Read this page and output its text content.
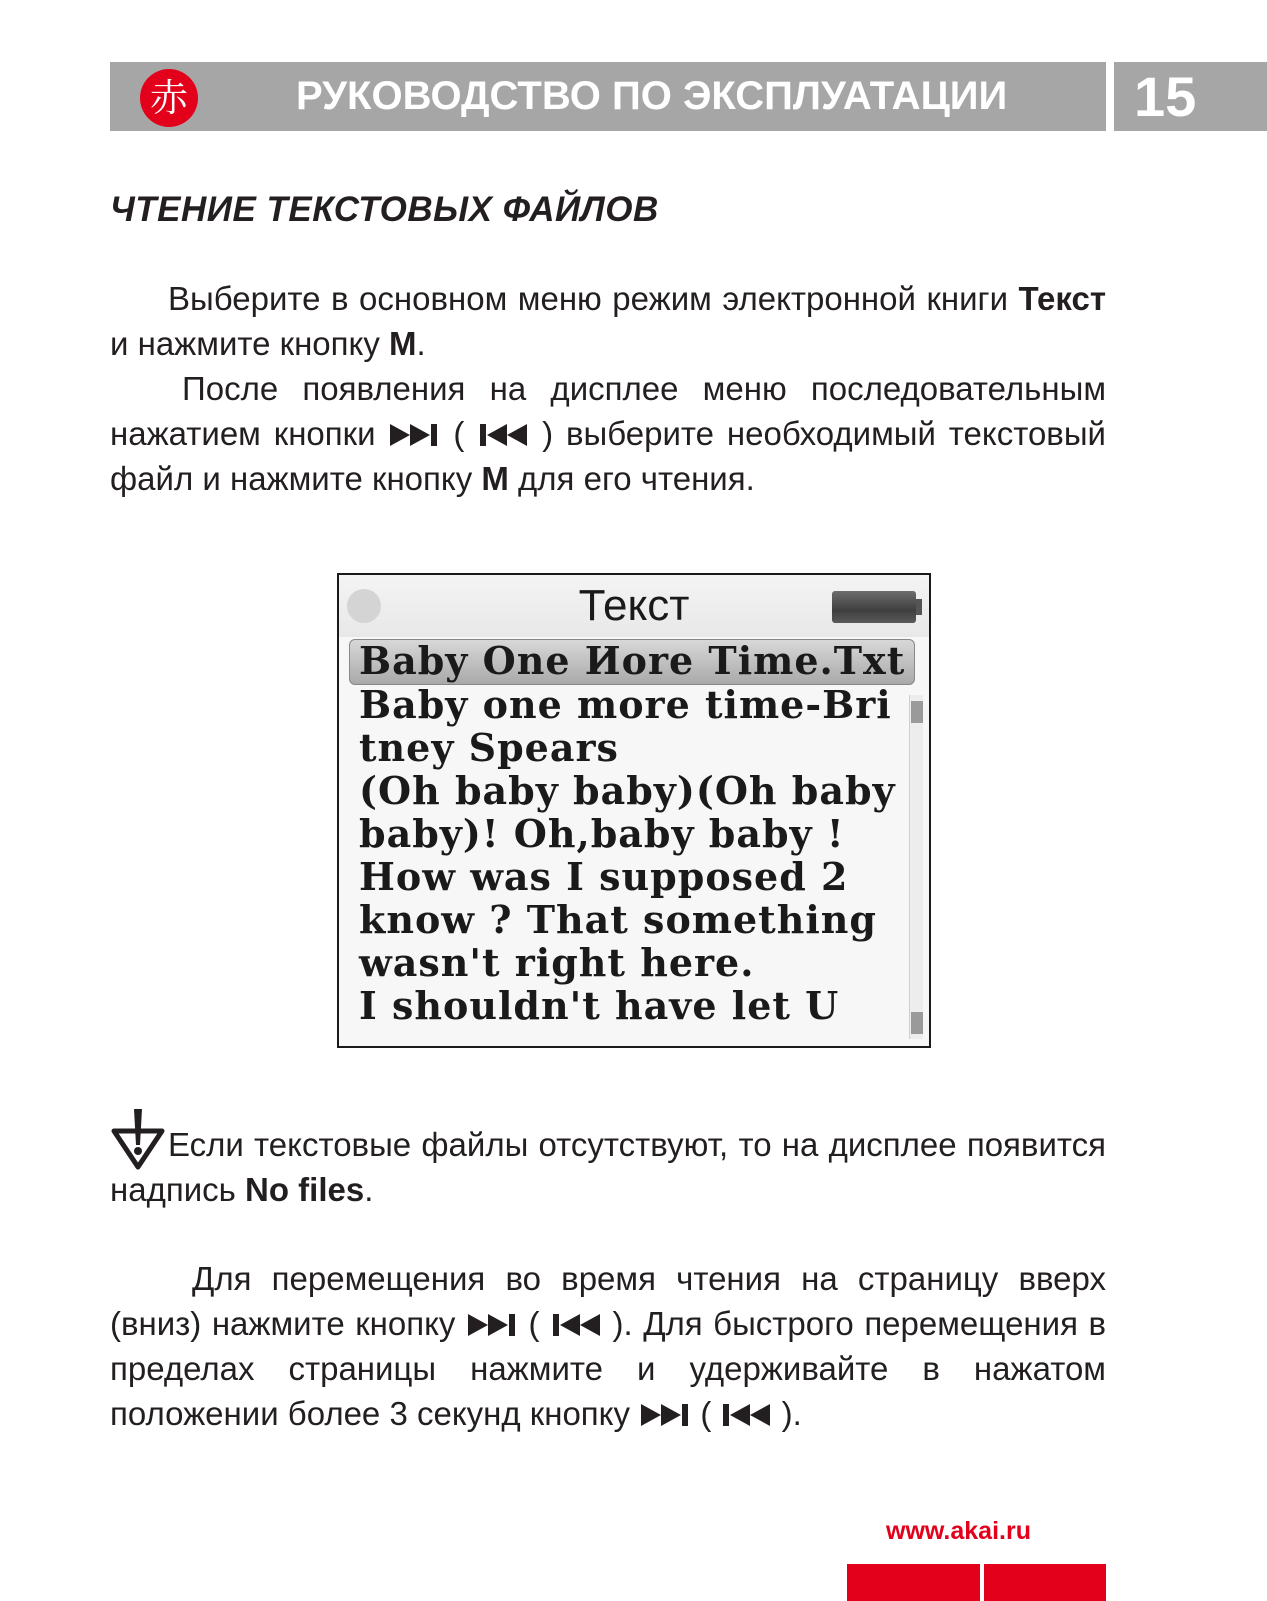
赤	РУКОВОДСТВО ПО ЭКСПЛУАТАЦИИ	15
ЧТЕНИЕ ТЕКСТОВЫХ ФАЙЛОВ
Выберите в основном меню режим электронной книги Текст и нажмите кнопку М.
После появления на дисплее меню последовательным нажатием кнопки  (  ) выберите необходимый текстовый файл и нажмите кнопку М для его чтения.
Текст
Baby One Иore Time.Txt
Baby one more time-Bri
tney Spears
(Oh baby baby)(Oh baby
baby)! Oh,baby baby !
How was I supposed 2
know ? That something
wasn't right here.
I shouldn't have let U
Если текстовые файлы отсутствуют, то на дисплее появится надпись No files.
Для перемещения во время чтения на страницу вверх (вниз) нажмите кнопку  (  ). Для быстрого перемещения в пределах страницы нажмите и удерживайте в нажатом положении более 3 секунд кнопку  (  ).
www.akai.ru
